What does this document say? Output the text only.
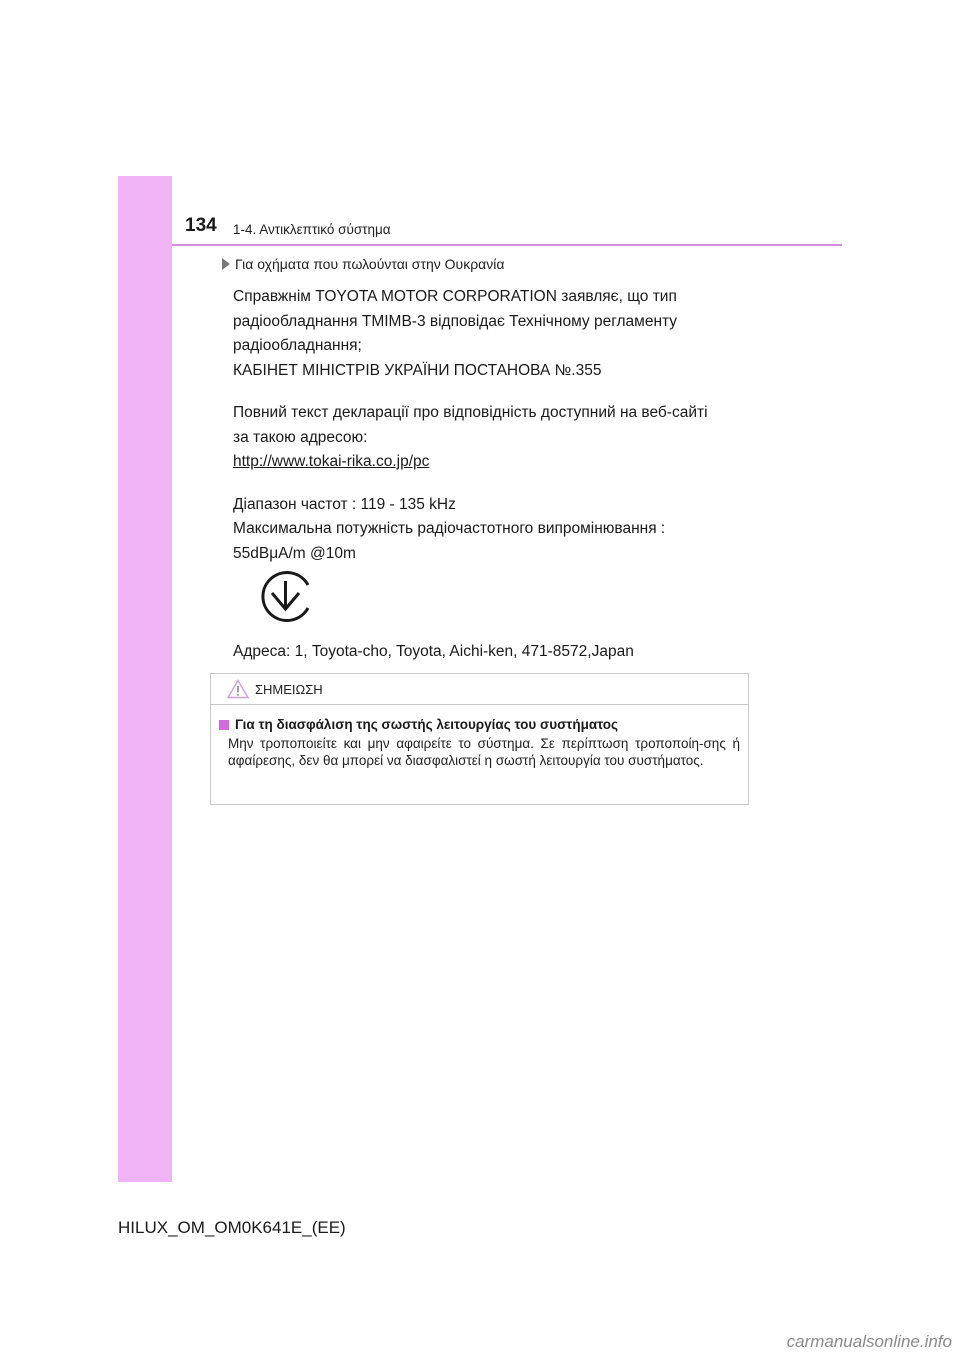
134 1-4. Αντικλεπτικό σύστημα
Για οχήματα που πωλούνται στην Ουκρανία

Справжнім TOYOTA MOTOR CORPORATION заявляє, що тип

радіообладнання TMIMB-3 відповідає Технічному регламенту

радіообладнання;

КАБІНЕТ МІНІСТРІВ УКРАЇНИ ПОСТАНОВА №.355

Повний текст декларації про відповідність доступний на веб-сайті

за такою адресою:

http://www.tokai-rika.co.jp/pc

Діапазон частот : 119 - 135 kHz

Максимальна потужність радіочастотного випромінювання :

55dBμA/m @10m

Адреса: 1, Toyota-cho, Toyota, Aichi-ken, 471-8572,Japan
ΣΗΜΕΙΩΣΗ
Για τη διασφάλιση της σωστής λειτουργίας του συστήματος
Μην τροποποιείτε και μην αφαιρείτε το σύστημα. Σε περίπτωση τροποποίη-σης ή αφαίρεσης, δεν θα μπορεί να διασφαλιστεί η σωστή λειτουργία του συστήματος.
HILUX_OM_OM0K641E_(EE)
carmanualsonline.info
